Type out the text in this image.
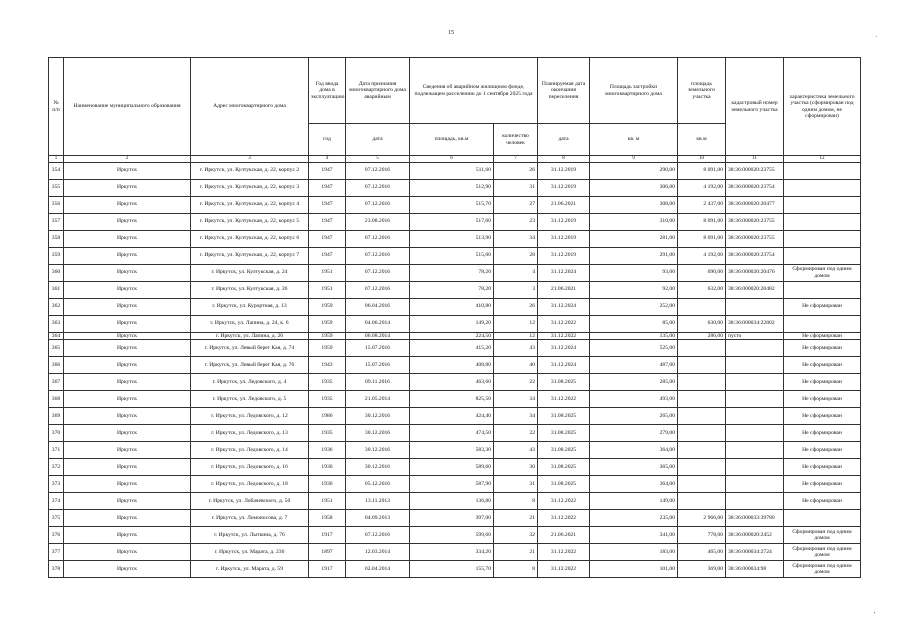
15	.
'
№ п/п	Наименование муниципального образования	Адрес многоквартирного дома	Год ввода дома в эксплуатацию	Дата признания многоквартирного дома аварийным	Сведения об аварийном жилищном фонде, подлежащем расселению до 1 сентября 2025 года		Планируемая дата окончания переселения	Площадь застройки многоквартирного дома	площадь земельного участка	кадастровый номер земельного участка	характеристика земельного участка (сформирован под одним домом, не сформирован)
			год	дата	площадь, кв.м	количество человек	дата	кв. м	кв.м		
1	2	3	4	5	6	7	8	9	10	11	12
354	Иркутск	г. Иркутск, ул. Култукская, д. 22, корпус 2	1947	07.12.2016	511,60	26	31.12.2019	290,00	8 091,00	38:36:000020:23755	
355	Иркутск	г. Иркутск, ул. Култукская, д. 22, корпус 3	1947	07.12.2016	512,90	31	31.12.2019	306,00	4 192,00	38:36:000020:23754	
356	Иркутск	г. Иркутск, ул. Култукская, д. 22, корпус 4	1947	07.12.2016	515,70	27	21.06.2021	308,00	2 437,00	38:36:000020:20477	
357	Иркутск	г. Иркутск, ул. Култукская, д. 22, корпус 5	1947	23.08.2016	517,60	23	31.12.2019	310,00	8 091,00	38:36:000020:23755	
358	Иркутск	г. Иркутск, ул. Култукская, д. 22, корпус 6	1947	07.12.2016	513,90	34	31.12.2019	281,00	8 091,00	38:36:000020:23755	
359	Иркутск	г. Иркутск, ул. Култукская, д. 22, корпус 7	1947	07.12.2016	515,00	28	31.12.2019	291,00	4 192,00	38:36:000020:23754	
360	Иркутск	г. Иркутск, ул. Култукская, д. 24	1951	07.12.2016	78,20	4	31.12.2024	93,00	690,00	38:36:000020:20476	Сформирован под одним домом
361	Иркутск	г. Иркутск, ул. Култукская, д. 26	1951	07.12.2016	78,20	3	21.06.2021	92,00	632,00	38:36:000020:20482	
362	Иркутск	г. Иркутск, ул. Курортная, д. 13	1959	06.04.2016	410,80	26	31.12.2024	252,00			Не сформирован
363	Иркутск	г. Иркутск, ул. Лапина, д. 24, к. 6	1959	04.06.2014	149,20	12	31.12.2022	85,00	630,00	38:36:000034:22802	
364	Иркутск	г. Иркутск, ул. Лапина, д. 26	1959	06.08.2014	224,50	12	31.12.2022	135,00	286,00	пусто	Не сформирован
365	Иркутск	г. Иркутск, ул. Левый берег Кая, д. 74	1959	15.07.2016	415,20	43	31.12.2024	525,00			Не сформирован
366	Иркутск	г. Иркутск, ул. Левый берег Кая, д. 76	1943	15.07.2016	408,80	40	31.12.2024	487,00			Не сформирован
367	Иркутск	г. Иркутск, ул. Ледовского, д. 4	1935	09.11.2016	463,60	22	31.08.2025	285,00			Не сформирован
368	Иркутск	г. Иркутск, ул. Ледовского, д. 5	1935	21.05.2014	825,50	34	31.12.2022	493,00			Не сформирован
369	Иркутск	г. Иркутск, ул. Ледовского, д. 12	1986	30.12.2016	424,40	34	31.08.2025	265,00			Не сформирован
370	Иркутск	г. Иркутск, ул. Ледовского, д. 13	1935	30.12.2016	474,50	22	31.08.2025	279,00			Не сформирован
371	Иркутск	г. Иркутск, ул. Ледовского, д. 14	1936	30.12.2016	583,30	43	31.08.2025	364,00			Не сформирован
372	Иркутск	г. Иркутск, ул. Ледовского, д. 16	1936	30.12.2016	589,60	30	31.08.2025	365,00			Не сформирован
373	Иркутск	г. Иркутск, ул. Ледовского, д. 18	1936	05.12.2016	587,90	31	31.08.2025	364,00			Не сформирован
374	Иркутск	г. Иркутск, ул. Лобачевского, д. 50	1951	13.11.2013	136,80	8	31.12.2022	149,00			Не сформирован
375	Иркутск	г. Иркутск, ул. Ломоносова, д. 7	1958	04.09.2013	397,00	21	31.12.2022	235,00	2 966,00	38:36:000033:39780	
376	Иркутск	г. Иркутск, ул. Лыткина, д. 76	1917	07.12.2016	599,60	32	21.06.2021	341,00	778,00	38:36:000020:2452	Сформирован под одним домом
377	Иркутск	г. Иркутск, ул. Марата, д. 236	1897	12.03.2014	334,20	21	31.12.2022	183,00	465,00	38:36:000034:2724	Сформирован под одним домом
378	Иркутск	г. Иркутск, ул. Марата, д. 59	1917	02.04.2014	155,70	8	31.12.2022	101,00	369,00	38:36:000034:98	Сформирован под одним домом
